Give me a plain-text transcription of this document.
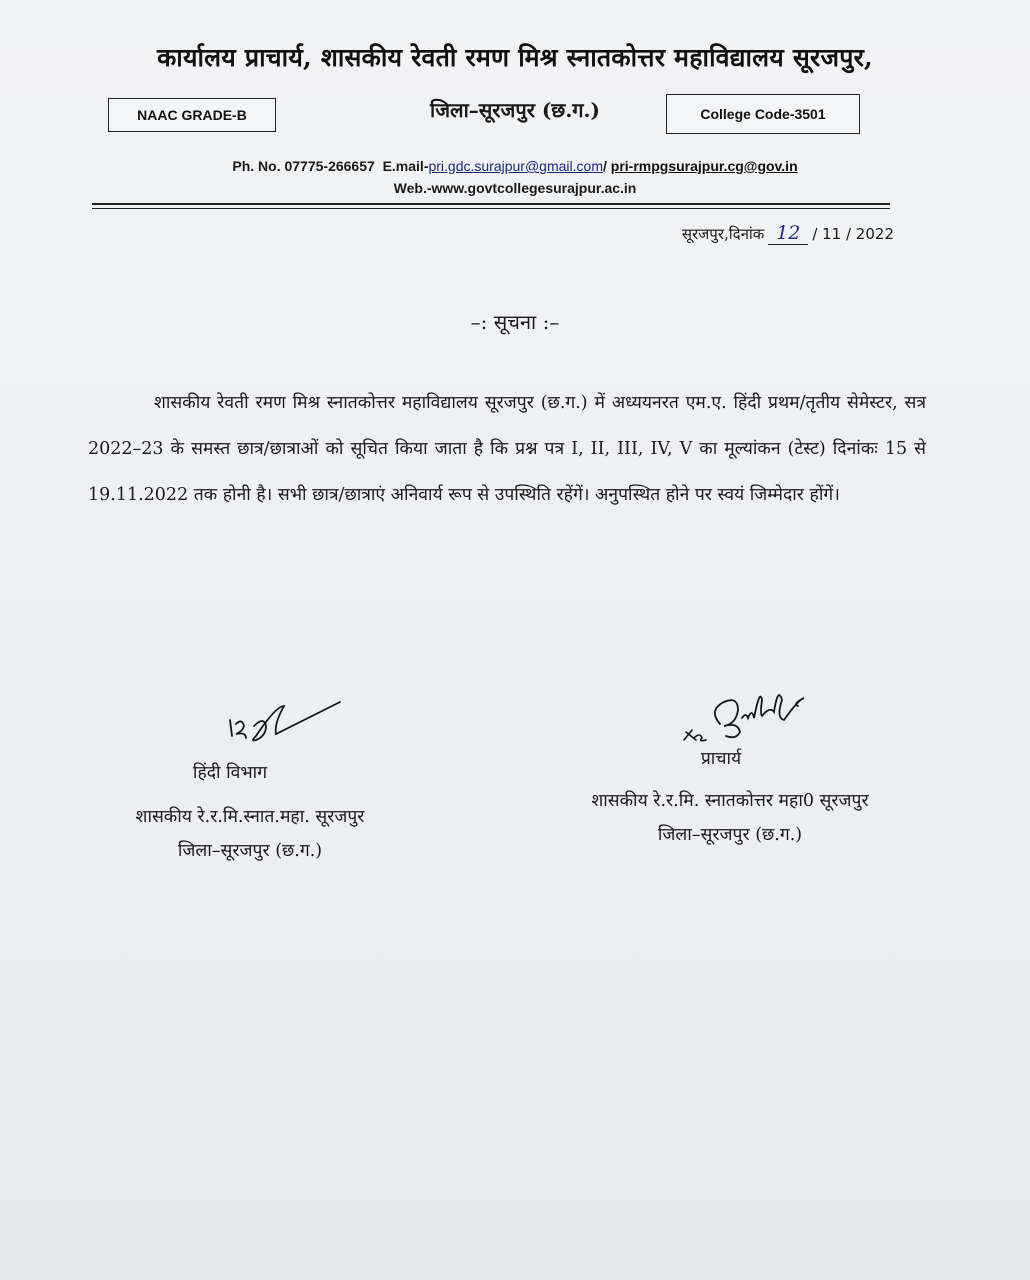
कार्यालय प्राचार्य, शासकीय रेवती रमण मिश्र स्नातकोत्तर महाविद्यालय सूरजपुर,
NAAC GRADE-B	जिला–सूरजपुर (छ.ग.)	College Code-3501
Ph. No. 07775-266657 E.mail-pri.gdc.surajpur@gmail.com/ pri-rmpgsurajpur.cg@gov.in
Web.-www.govtcollegesurajpur.ac.in
सूरजपुर,दिनांक 12 / 11 / 2022
–: सूचना :–
शासकीय रेवती रमण मिश्र स्नातकोत्तर महाविद्यालय सूरजपुर (छ.ग.) में अध्ययनरत एम.ए. हिंदी प्रथम/तृतीय सेमेस्टर, सत्र 2022–23 के समस्त छात्र/छात्राओं को सूचित किया जाता है कि प्रश्न पत्र I, II, III, IV, V का मूल्यांकन (टेस्ट) दिनांकः 15 से 19.11.2022 तक होनी है। सभी छात्र/छात्राएं अनिवार्य रूप से उपस्थिति रहेंगें। अनुपस्थित होने पर स्वयं जिम्मेदार होंगें।
हिंदी विभाग
शासकीय रे.र.मि.स्नात.महा. सूरजपुर
जिला–सूरजपुर (छ.ग.)
प्राचार्य
शासकीय रे.र.मि. स्नातकोत्तर महा0 सूरजपुर
जिला–सूरजपुर (छ.ग.)
